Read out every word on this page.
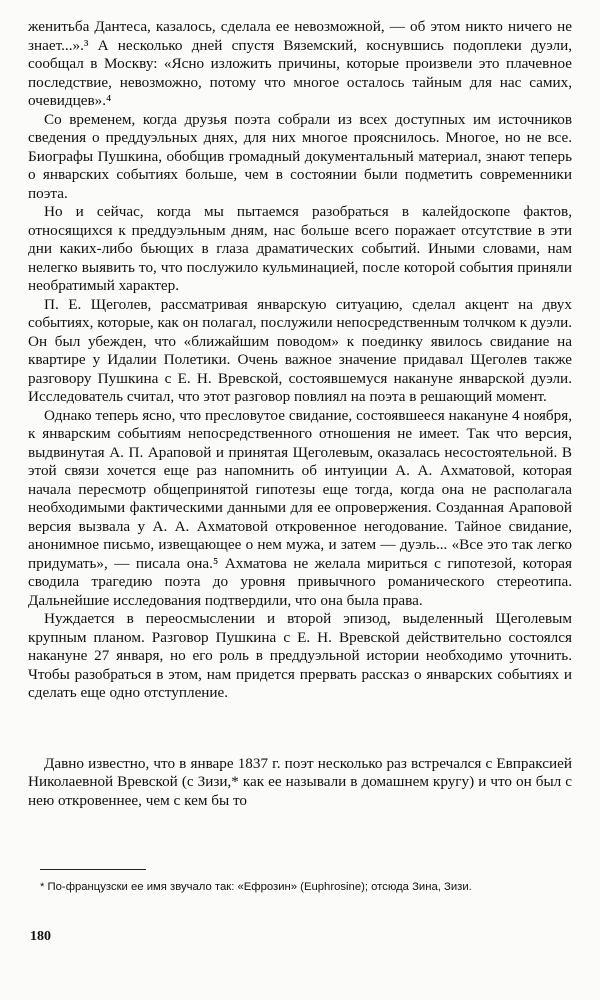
женитьба Дантеса, казалось, сделала ее невозможной, — об этом никто ничего не знает...».³ А несколько дней спустя Вяземский, коснувшись подоплеки дуэли, сообщал в Москву: «Ясно изложить причины, которые произвели это плачевное последствие, невозможно, потому что многое осталось тайным для нас самих, очевидцев».⁴

Со временем, когда друзья поэта собрали из всех доступных им источников сведения о преддуэльных днях, для них многое прояснилось. Многое, но не все. Биографы Пушкина, обобщив громадный документальный материал, знают теперь о январских событиях больше, чем в состоянии были подметить современники поэта.

Но и сейчас, когда мы пытаемся разобраться в калейдоскопе фактов, относящихся к преддуэльным дням, нас больше всего поражает отсутствие в эти дни каких-либо бьющих в глаза драматических событий. Иными словами, нам нелегко выявить то, что послужило кульминацией, после которой события приняли необратимый характер.

П. Е. Щеголев, рассматривая январскую ситуацию, сделал акцент на двух событиях, которые, как он полагал, послужили непосредственным толчком к дуэли. Он был убежден, что «ближайшим поводом» к поединку явилось свидание на квартире у Идалии Полетики. Очень важное значение придавал Щеголев также разговору Пушкина с Е. Н. Вревской, состоявшемуся накануне январской дуэли. Исследователь считал, что этот разговор повлиял на поэта в решающий момент.

Однако теперь ясно, что пресловутое свидание, состоявшееся накануне 4 ноября, к январским событиям непосредственного отношения не имеет. Так что версия, выдвинутая А. П. Араповой и принятая Щеголевым, оказалась несостоятельной. В этой связи хочется еще раз напомнить об интуиции А. А. Ахматовой, которая начала пересмотр общепринятой гипотезы еще тогда, когда она не располагала необходимыми фактическими данными для ее опровержения. Созданная Араповой версия вызвала у А. А. Ахматовой откровенное негодование. Тайное свидание, анонимное письмо, извещающее о нем мужа, и затем — дуэль... «Все это так легко придумать», — писала она.⁵ Ахматова не желала мириться с гипотезой, которая сводила трагедию поэта до уровня привычного романического стереотипа. Дальнейшие исследования подтвердили, что она была права.

Нуждается в переосмыслении и второй эпизод, выделенный Щеголевым крупным планом. Разговор Пушкина с Е. Н. Вревской действительно состоялся накануне 27 января, но его роль в преддуэльной истории необходимо уточнить. Чтобы разобраться в этом, нам придется прервать рассказ о январских событиях и сделать еще одно отступление.

Давно известно, что в январе 1837 г. поэт несколько раз встречался с Евпраксией Николаевной Вревской (с Зизи,* как ее называли в домашнем кругу) и что он был с нею откровеннее, чем с кем бы то

* По-французски ее имя звучало так: «Ефрозин» (Euphrosine); отсюда Зина, Зизи.
180
